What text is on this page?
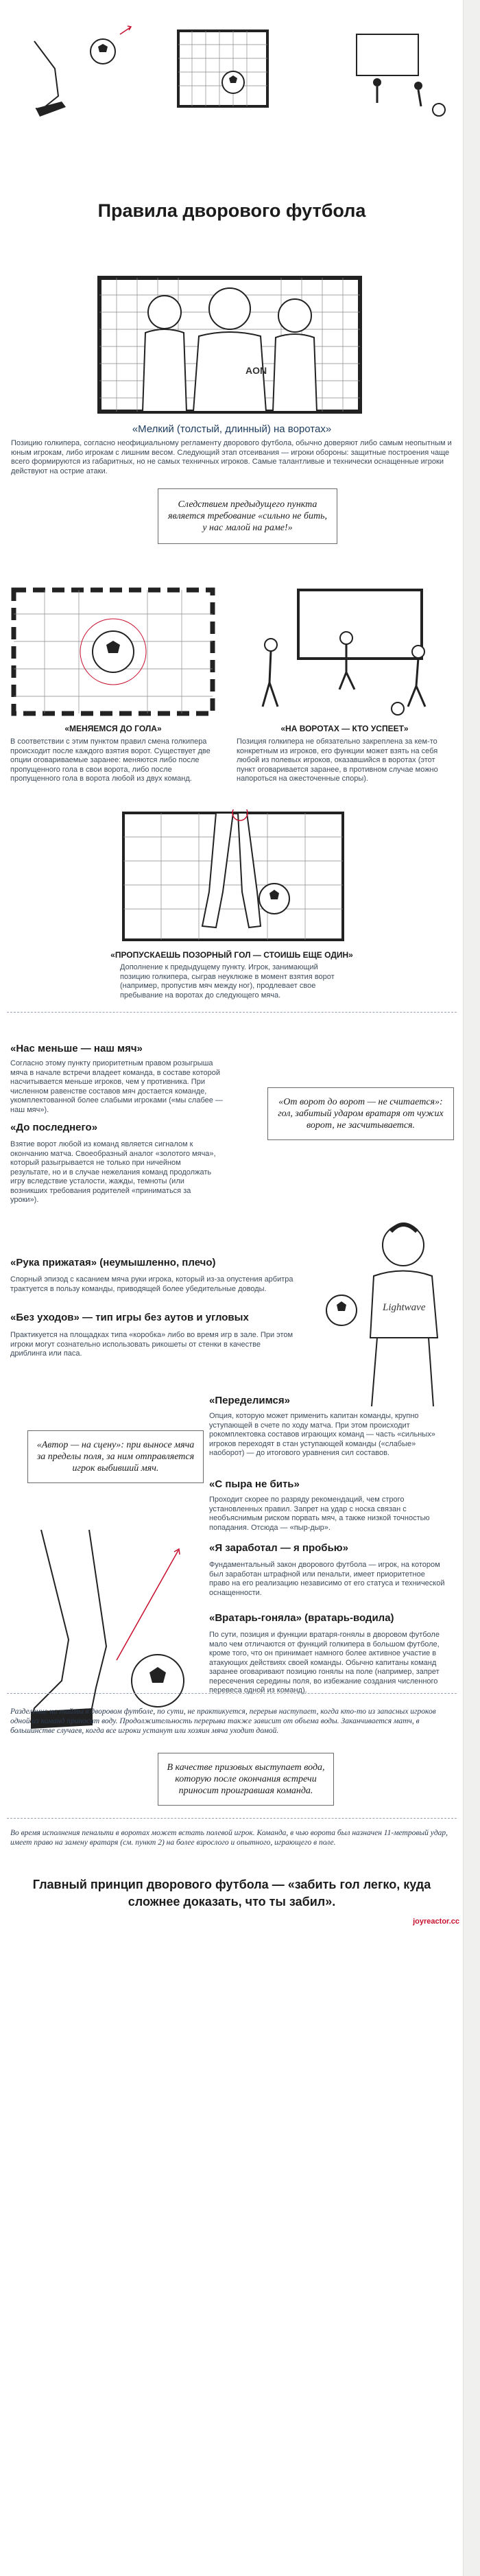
Правила дворового футбола
AON
«Мелкий (толстый, длинный) на воротах»
Позицию голкипера, согласно неофициальному регламенту дворового футбола, обычно доверяют либо самым неопытным и юным игрокам, либо игрокам с лишним весом. Следующий этап отсеивания — игроки обороны: защитные построения чаще всего формируются из габаритных, но не самых техничных игроков. Самые талантливые и технически оснащенные игроки действуют на острие атаки.
Следствием предыдущего пункта является требование «сильно не бить, у нас малой на раме!»
«МЕНЯЕМСЯ ДО ГОЛА»
В соответствии с этим пунктом правил смена голкипера происходит после каждого взятия ворот. Существует две опции оговариваемые заранее: меняются либо после пропущенного гола в свои ворота, либо после пропущенного гола в ворота любой из двух команд.
«НА ВОРОТАХ — КТО УСПЕЕТ»
Позиция голкипера не обязательно закреплена за кем-то конкретным из игроков, его функции может взять на себя любой из полевых игроков, оказавшийся в воротах (этот пункт оговаривается заранее, в противном случае можно напороться на ожесточенные споры).
«ПРОПУСКАЕШЬ ПОЗОРНЫЙ ГОЛ — СТОИШЬ ЕЩЕ ОДИН»
Дополнение к предыдущему пункту. Игрок, занимающий позицию голкипера, сыграв неуклюже в момент взятия ворот (например, пропустив мяч между ног), продлевает свое пребывание на воротах до следующего мяча.
«Нас меньше — наш мяч»
Согласно этому пункту приоритетным правом розыгрыша мяча в начале встречи владеет команда, в составе которой насчитывается меньше игроков, чем у противника. При численном равенстве составов мяч достается команде, укомплектованной более слабыми игроками («мы слабее — наш мяч»).
«До последнего»
Взятие ворот любой из команд является сигналом к окончанию матча. Своеобразный аналог «золотого мяча», который разыгрывается не только при ничейном результате, но и в случае нежелания команд продолжать игру вследствие усталости, жажды, темноты (или возникших требования родителей «приниматься за уроки»).
«От ворот до ворот — не считается»: гол, забитый ударом вратаря от чужих ворот, не засчитывается.
Lightwave
«Рука прижатая» (неумышленно, плечо)
Спорный эпизод с касанием мяча руки игрока, который из-за опустения арбитра трактуется в пользу команды, приводящей более убедительные доводы.
«Без уходов» — тип игры без аутов и угловых
Практикуется на площадках типа «коробка» либо во время игр в зале. При этом игроки могут сознательно использовать рикошеты от стенки в качестве дриблинга или паса.
«Переделимся»
Опция, которую может применить капитан команды, крупно уступающей в счете по ходу матча. При этом происходит рокомплектовка составов играющих команд — часть «сильных» игроков переходят в стан уступающей команды («слабые» наоборот) — до итогового уравнения сил составов.
«Автор — на сцену»: при выносе мяча за пределы поля, за ним отправляется игрок выбивший мяч.
«С пыра не бить»
Проходит скорее по разряду рекомендаций, чем строго установленных правил. Запрет на удар с носка связан с необъяснимым риском порвать мяч, а также низкой точностью попадания. Отсюда — «пыр-дыр».
«Я заработал — я пробью»
Фундаментальный закон дворового футбола — игрок, на котором был заработан штрафной или пенальти, имеет приоритетное право на его реализацию независимо от его статуса и технической оснащенности.
«Вратарь-гоняла» (вратарь-водила)
По сути, позиция и функции вратаря-гонялы в дворовом футболе мало чем отличаются от функций голкипера в большом футболе, кроме того, что он принимает намного более активное участие в атакующих действиях своей команды. Обычно капитаны команд заранее оговаривают позицию гонялы на поле (например, запрет пересечения середины поля, во избежание создания численного перевеса одной из команд).
Разделение на таймы в дворовом футболе, по сути, не практикуется, перерыв наступает, когда кто-то из запасных игроков одной из команд приносит воду. Продолжительность перерыва также зависит от объема воды. Заканчивается матч, в большинстве случаев, когда все игроки устанут или хозяин мяча уходит домой.
В качестве призовых выступает вода, которую после окончания встречи приносит проигравшая команда.
Во время исполнения пенальти в воротах может встать полевой игрок. Команда, в чью ворота был назначен 11-метровый удар, имеет право на замену вратаря (см. пункт 2) на более взрослого и опытного, играющего в поле.
Главный принцип дворового футбола — «забить гол легко, куда сложнее доказать, что ты забил».
joyreactor.cc
